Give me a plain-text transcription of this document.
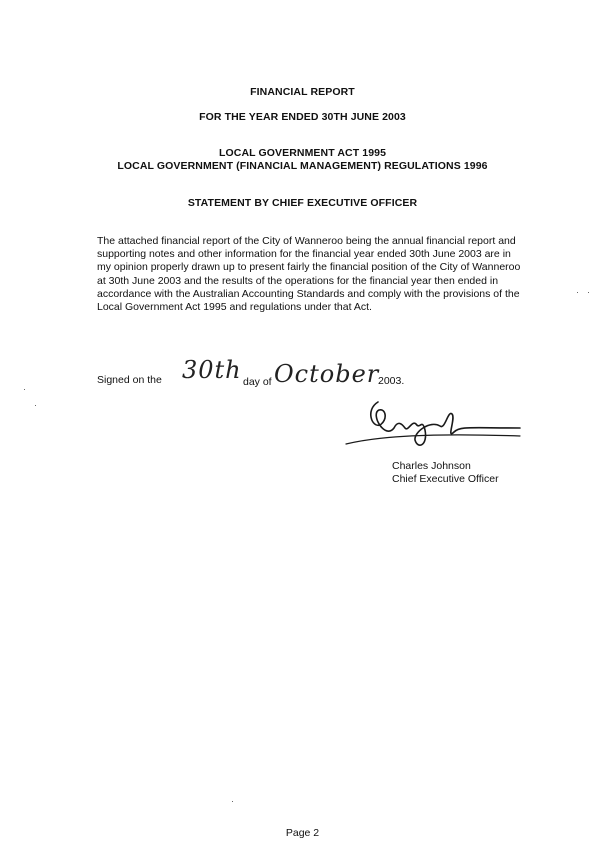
FINANCIAL REPORT
FOR THE YEAR ENDED 30TH JUNE 2003
LOCAL GOVERNMENT ACT 1995
LOCAL GOVERNMENT (FINANCIAL MANAGEMENT) REGULATIONS 1996
STATEMENT BY CHIEF EXECUTIVE OFFICER
The attached financial report of the City of Wanneroo being the annual financial report and
supporting notes and other information for the financial year ended 30th June 2003 are in
my opinion properly drawn up to present fairly the financial position of the City of Wanneroo
at 30th June 2003 and the results of the operations for the financial year then ended in
accordance with the Australian Accounting Standards and comply with the provisions of the
Local Government Act 1995 and regulations under that Act.
Signed on the 30th day of October
2003.
Charles Johnson
Chief Executive Officer
Page 2
